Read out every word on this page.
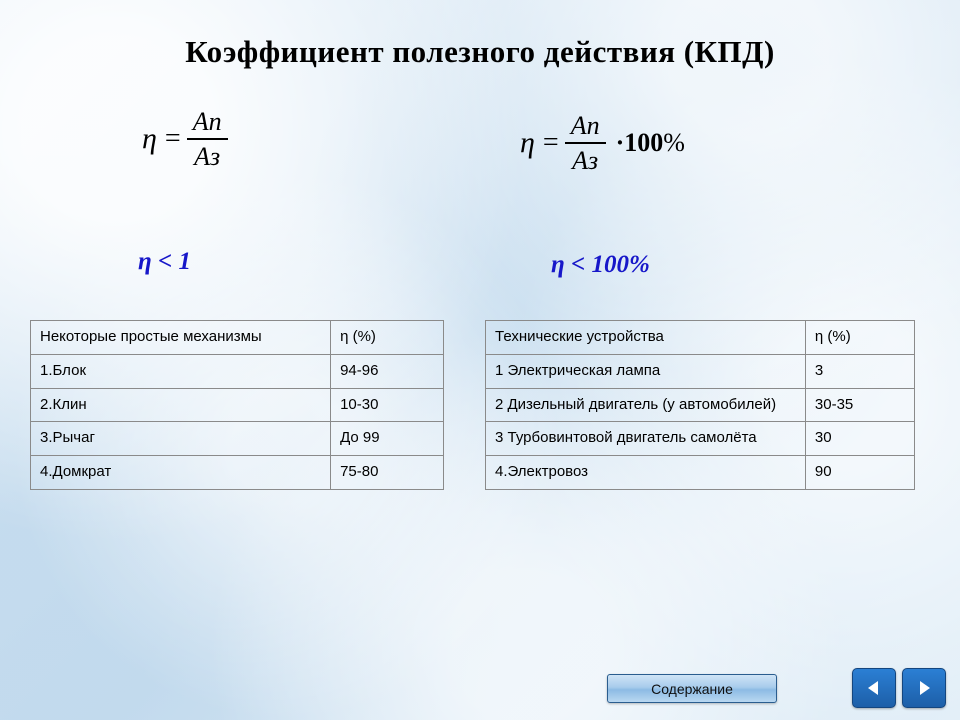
Коэффициент полезного действия (КПД)
$\eta = \frac{Ап}{Аз}$	$\eta = \frac{Ап}{Аз} \cdot 100\%$
η < 1	η < 100%
Некоторые простые механизмы	η (%)
1.Блок	94-96
2.Клин	10-30
3.Рычаг	До 99
4.Домкрат	75-80
Технические устройства	η (%)
1 Электрическая лампа	3
2 Дизельный двигатель (у автомобилей)	30-35
3 Турбовинтовой двигатель самолёта	30
4.Электровоз	90
Содержание
